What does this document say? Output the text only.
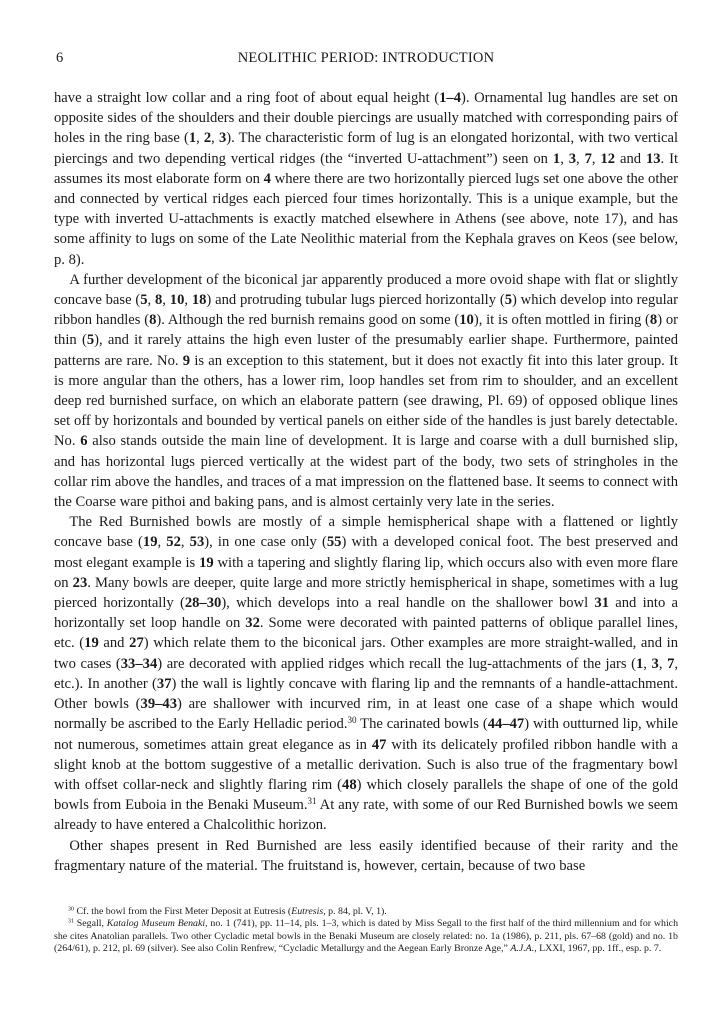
6	NEOLITHIC PERIOD: INTRODUCTION

have a straight low collar and a ring foot of about equal height (1–4). Ornamental lug handles are set on opposite sides of the shoulders and their double piercings are usually matched with corresponding pairs of holes in the ring base (1, 2, 3). The characteristic form of lug is an elongated horizontal, with two vertical piercings and two depending vertical ridges (the “inverted U-attachment”) seen on 1, 3, 7, 12 and 13. It assumes its most elaborate form on 4 where there are two horizontally pierced lugs set one above the other and connected by vertical ridges each pierced four times horizontally. This is a unique example, but the type with inverted U-attachments is exactly matched elsewhere in Athens (see above, note 17), and has some affinity to lugs on some of the Late Neolithic material from the Kephala graves on Keos (see below, p. 8).

A further development of the biconical jar apparently produced a more ovoid shape with flat or slightly concave base (5, 8, 10, 18) and protruding tubular lugs pierced horizontally (5) which develop into regular ribbon handles (8). Although the red burnish remains good on some (10), it is often mottled in firing (8) or thin (5), and it rarely attains the high even luster of the presumably earlier shape. Furthermore, painted patterns are rare. No. 9 is an exception to this statement, but it does not exactly fit into this later group. It is more angular than the others, has a lower rim, loop handles set from rim to shoulder, and an excellent deep red burnished surface, on which an elaborate pattern (see drawing, Pl. 69) of opposed oblique lines set off by horizontals and bounded by vertical panels on either side of the handles is just barely detectable. No. 6 also stands outside the main line of development. It is large and coarse with a dull burnished slip, and has horizontal lugs pierced vertically at the widest part of the body, two sets of stringholes in the collar rim above the handles, and traces of a mat impression on the flattened base. It seems to connect with the Coarse ware pithoi and baking pans, and is almost certainly very late in the series.

The Red Burnished bowls are mostly of a simple hemispherical shape with a flattened or lightly concave base (19, 52, 53), in one case only (55) with a developed conical foot. The best preserved and most elegant example is 19 with a tapering and slightly flaring lip, which occurs also with even more flare on 23. Many bowls are deeper, quite large and more strictly hemispherical in shape, sometimes with a lug pierced horizontally (28–30), which develops into a real handle on the shallower bowl 31 and into a horizontally set loop handle on 32. Some were decorated with painted patterns of oblique parallel lines, etc. (19 and 27) which relate them to the biconical jars. Other examples are more straight-walled, and in two cases (33–34) are decorated with applied ridges which recall the lug-attachments of the jars (1, 3, 7, etc.). In another (37) the wall is lightly concave with flaring lip and the remnants of a handle-attachment. Other bowls (39–43) are shallower with incurved rim, in at least one case of a shape which would normally be ascribed to the Early Helladic period.$^{30}$ The carinated bowls (44–47) with outturned lip, while not numerous, sometimes attain great elegance as in 47 with its delicately profiled ribbon handle with a slight knob at the bottom suggestive of a metallic derivation. Such is also true of the fragmentary bowl with offset collar-neck and slightly flaring rim (48) which closely parallels the shape of one of the gold bowls from Euboia in the Benaki Museum.$^{31}$ At any rate, with some of our Red Burnished bowls we seem already to have entered a Chalcolithic horizon.

Other shapes present in Red Burnished are less easily identified because of their rarity and the fragmentary nature of the material. The fruitstand is, however, certain, because of two base

$^{30}$ Cf. the bowl from the First Meter Deposit at Eutresis (Eutresis, p. 84, pl. V, 1).

$^{31}$ Segall, Katalog Museum Benaki, no. 1 (741), pp. 11–14, pls. 1–3, which is dated by Miss Segall to the first half of the third millennium and for which she cites Anatolian parallels. Two other Cycladic metal bowls in the Benaki Museum are closely related: no. 1a (1986), p. 211, pls. 67–68 (gold) and no. 1b (264/61), p. 212, pl. 69 (silver). See also Colin Renfrew, “Cycladic Metallurgy and the Aegean Early Bronze Age,” A.J.A., LXXI, 1967, pp. 1ff., esp. p. 7.
